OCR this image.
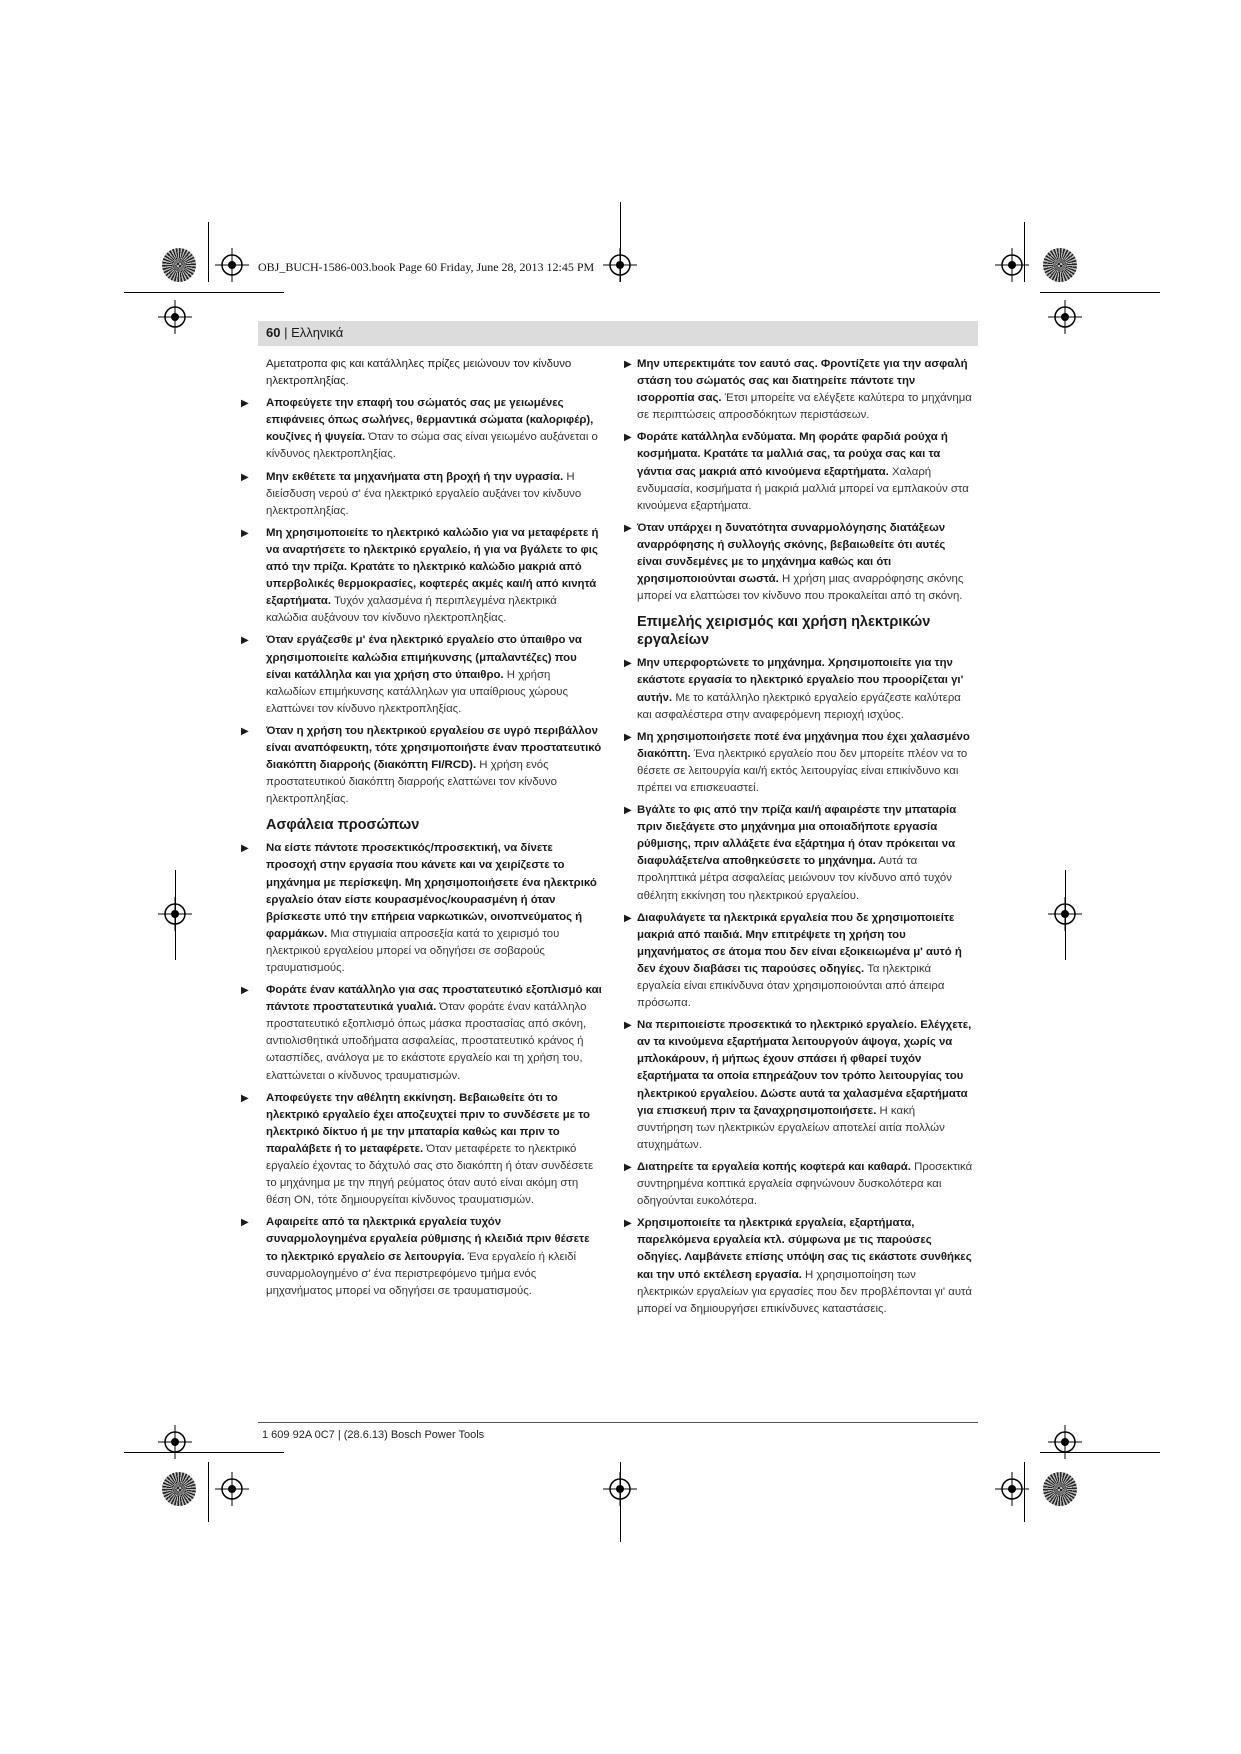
OBJ_BUCH-1586-003.book Page 60 Friday, June 28, 2013 12:45 PM
60 | Ελληνικά

Αμετατροπα φις και κατάλληλες πρίζες μειώνουν τον κίνδυνο ηλεκτροπληξίας.

▶ Αποφεύγετε την επαφή του σώματός σας με γειωμένες επιφάνειες όπως σωλήνες, θερμαντικά σώματα (καλοριφέρ), κουζίνες ή ψυγεία. Όταν το σώμα σας είναι γειωμένο αυξάνεται ο κίνδυνος ηλεκτροπληξίας.
▶ Μην εκθέτετε τα μηχανήματα στη βροχή ή την υγρασία. Η διείσδυση νερού σ' ένα ηλεκτρικό εργαλείο αυξάνει τον κίνδυνο ηλεκτροπληξίας.
▶ Μη χρησιμοποιείτε το ηλεκτρικό καλώδιο για να μεταφέρετε ή να αναρτήσετε το ηλεκτρικό εργαλείο, ή για να βγάλετε το φις από την πρίζα. Κρατάτε το ηλεκτρικό καλώδιο μακριά από υπερβολικές θερμοκρασίες, κοφτερές ακμές και/ή από κινητά εξαρτήματα. Τυχόν χαλασμένα ή περιπλεγμένα ηλεκτρικά καλώδια αυξάνουν τον κίνδυνο ηλεκτροπληξίας.
▶ Όταν εργάζεσθε μ' ένα ηλεκτρικό εργαλείο στο ύπαιθρο να χρησιμοποιείτε καλώδια επιμήκυνσης (μπαλαντέζες) που είναι κατάλληλα και για χρήση στο ύπαιθρο. Η χρήση καλωδίων επιμήκυνσης κατάλληλων για υπαίθριους χώρους ελαττώνει τον κίνδυνο ηλεκτροπληξίας.
▶ Όταν η χρήση του ηλεκτρικού εργαλείου σε υγρό περιβάλλον είναι αναπόφευκτη, τότε χρησιμοποιήστε έναν προστατευτικό διακόπτη διαρροής (διακόπτη FI/RCD). Η χρήση ενός προστατευτικού διακόπτη διαρροής ελαττώνει τον κίνδυνο ηλεκτροπληξίας.
Ασφάλεια προσώπων
▶ Να είστε πάντοτε προσεκτικός/προσεκτική, να δίνετε προσοχή στην εργασία που κάνετε και να χειρίζεστε το μηχάνημα με περίσκεψη. Μη χρησιμοποιήσετε ένα ηλεκτρικό εργαλείο όταν είστε κουρασμένος/κουρασμένη ή όταν βρίσκεστε υπό την επήρεια ναρκωτικών, οινοπνεύματος ή φαρμάκων. Μια στιγμιαία απροσεξία κατά το χειρισμό του ηλεκτρικού εργαλείου μπορεί να οδηγήσει σε σοβαρούς τραυματισμούς.
▶ Φοράτε έναν κατάλληλο για σας προστατευτικό εξοπλισμό και πάντοτε προστατευτικά γυαλιά. Όταν φοράτε έναν κατάλληλο προστατευτικό εξοπλισμό όπως μάσκα προστασίας από σκόνη, αντιολισθητικά υποδήματα ασφαλείας, προστατευτικό κράνος ή ωτασπίδες, ανάλογα με το εκάστοτε εργαλείο και τη χρήση του, ελαττώνεται ο κίνδυνος τραυματισμών.
▶ Αποφεύγετε την αθέλητη εκκίνηση. Βεβαιωθείτε ότι το ηλεκτρικό εργαλείο έχει αποζευχτεί πριν το συνδέσετε με το ηλεκτρικό δίκτυο ή με την μπαταρία καθώς και πριν το παραλάβετε ή το μεταφέρετε. Όταν μεταφέρετε το ηλεκτρικό εργαλείο έχοντας το δάχτυλό σας στο διακόπτη ή όταν συνδέσετε το μηχάνημα με την πηγή ρεύματος όταν αυτό είναι ακόμη στη θέση ΟΝ, τότε δημιουργείται κίνδυνος τραυματισμών.
▶ Αφαιρείτε από τα ηλεκτρικά εργαλεία τυχόν συναρμολογημένα εργαλεία ρύθμισης ή κλειδιά πριν θέσετε το ηλεκτρικό εργαλείο σε λειτουργία. Ένα εργαλείο ή κλειδί συναρμολογημένο σ' ένα περιστρεφόμενο τμήμα ενός μηχανήματος μπορεί να οδηγήσει σε τραυματισμούς.
▶ Μην υπερεκτιμάτε τον εαυτό σας. Φροντίζετε για την ασφαλή στάση του σώματός σας και διατηρείτε πάντοτε την ισορροπία σας. Έτσι μπορείτε να ελέγξετε καλύτερα το μηχάνημα σε περιπτώσεις απροσδόκητων περιστάσεων.
▶ Φοράτε κατάλληλα ενδύματα. Μη φοράτε φαρδιά ρούχα ή κοσμήματα. Κρατάτε τα μαλλιά σας, τα ρούχα σας και τα γάντια σας μακριά από κινούμενα εξαρτήματα. Χαλαρή ενδυμασία, κοσμήματα ή μακριά μαλλιά μπορεί να εμπλακούν στα κινούμενα εξαρτήματα.
▶ Όταν υπάρχει η δυνατότητα συναρμολόγησης διατάξεων αναρρόφησης ή συλλογής σκόνης, βεβαιωθείτε ότι αυτές είναι συνδεμένες με το μηχάνημα καθώς και ότι χρησιμοποιούνται σωστά. Η χρήση μιας αναρρόφησης σκόνης μπορεί να ελαττώσει τον κίνδυνο που προκαλείται από τη σκόνη.
Επιμελής χειρισμός και χρήση ηλεκτρικών εργαλείων
▶ Μην υπερφορτώνετε το μηχάνημα. Χρησιμοποιείτε για την εκάστοτε εργασία το ηλεκτρικό εργαλείο που προορίζεται γι' αυτήν. Με το κατάλληλο ηλεκτρικό εργαλείο εργάζεστε καλύτερα και ασφαλέστερα στην αναφερόμενη περιοχή ισχύος.
▶ Μη χρησιμοποιήσετε ποτέ ένα μηχάνημα που έχει χαλασμένο διακόπτη. Ένα ηλεκτρικό εργαλείο που δεν μπορείτε πλέον να το θέσετε σε λειτουργία και/ή εκτός λειτουργίας είναι επικίνδυνο και πρέπει να επισκευαστεί.
▶ Βγάλτε το φις από την πρίζα και/ή αφαιρέστε την μπαταρία πριν διεξάγετε στο μηχάνημα μια οποιαδήποτε εργασία ρύθμισης, πριν αλλάξετε ένα εξάρτημα ή όταν πρόκειται να διαφυλάξετε/να αποθηκεύσετε το μηχάνημα. Αυτά τα προληπτικά μέτρα ασφαλείας μειώνουν τον κίνδυνο από τυχόν αθέλητη εκκίνηση του ηλεκτρικού εργαλείου.
▶ Διαφυλάγετε τα ηλεκτρικά εργαλεία που δε χρησιμοποιείτε μακριά από παιδιά. Μην επιτρέψετε τη χρήση του μηχανήματος σε άτομα που δεν είναι εξοικειωμένα μ' αυτό ή δεν έχουν διαβάσει τις παρούσες οδηγίες. Τα ηλεκτρικά εργαλεία είναι επικίνδυνα όταν χρησιμοποιούνται από άπειρα πρόσωπα.
▶ Να περιποιείστε προσεκτικά το ηλεκτρικό εργαλείο. Ελέγχετε, αν τα κινούμενα εξαρτήματα λειτουργούν άψογα, χωρίς να μπλοκάρουν, ή μήπως έχουν σπάσει ή φθαρεί τυχόν εξαρτήματα τα οποία επηρεάζουν τον τρόπο λειτουργίας του ηλεκτρικού εργαλείου. Δώστε αυτά τα χαλασμένα εξαρτήματα για επισκευή πριν τα ξαναχρησιμοποιήσετε. Η κακή συντήρηση των ηλεκτρικών εργαλείων αποτελεί αιτία πολλών ατυχημάτων.
▶ Διατηρείτε τα εργαλεία κοπής κοφτερά και καθαρά. Προσεκτικά συντηρημένα κοπτικά εργαλεία σφηνώνουν δυσκολότερα και οδηγούνται ευκολότερα.
▶ Χρησιμοποιείτε τα ηλεκτρικά εργαλεία, εξαρτήματα, παρελκόμενα εργαλεία κτλ. σύμφωνα με τις παρούσες οδηγίες. Λαμβάνετε επίσης υπόψη σας τις εκάστοτε συνθήκες και την υπό εκτέλεση εργασία. Η χρησιμοποίηση των ηλεκτρικών εργαλείων για εργασίες που δεν προβλέπονται γι' αυτά μπορεί να δημιουργήσει επικίνδυνες καταστάσεις.
1 609 92A 0C7 | (28.6.13) Bosch Power Tools
